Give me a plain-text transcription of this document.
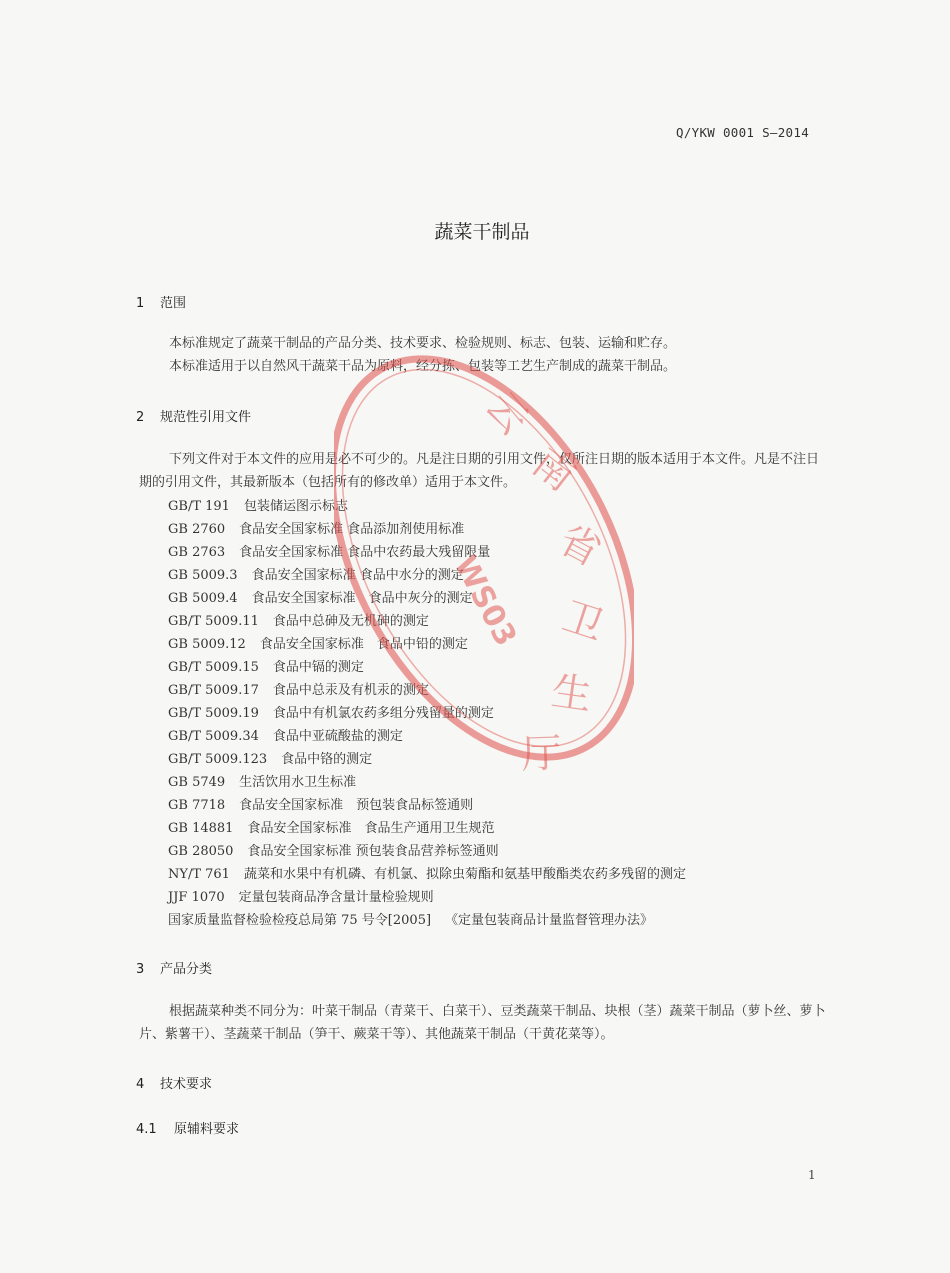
Q/YKW 0001 S—2014
蔬菜干制品
1 范围
本标准规定了蔬菜干制品的产品分类、技术要求、检验规则、标志、包装、运输和贮存。
本标准适用于以自然风干蔬菜干品为原料，经分拣、包装等工艺生产制成的蔬菜干制品。
2 规范性引用文件
下列文件对于本文件的应用是必不可少的。凡是注日期的引用文件，仅所注日期的版本适用于本文件。凡是不注日期的引用文件，其最新版本（包括所有的修改单）适用于本文件。
GB/T 191 包装储运图示标志
GB 2760 食品安全国家标准 食品添加剂使用标准
GB 2763 食品安全国家标准 食品中农药最大残留限量
GB 5009.3 食品安全国家标准 食品中水分的测定
GB 5009.4 食品安全国家标准　食品中灰分的测定
GB/T 5009.11 食品中总砷及无机砷的测定
GB 5009.12 食品安全国家标准　食品中铅的测定
GB/T 5009.15 食品中镉的测定
GB/T 5009.17 食品中总汞及有机汞的测定
GB/T 5009.19 食品中有机氯农药多组分残留量的测定
GB/T 5009.34 食品中亚硫酸盐的测定
GB/T 5009.123 食品中铬的测定
GB 5749 生活饮用水卫生标准
GB 7718 食品安全国家标准　预包装食品标签通则
GB 14881 食品安全国家标准　食品生产通用卫生规范
GB 28050 食品安全国家标准 预包装食品营养标签通则
NY/T 761 蔬菜和水果中有机磷、有机氯、拟除虫菊酯和氨基甲酸酯类农药多残留的测定
JJF 1070 定量包装商品净含量计量检验规则
国家质量监督检验检疫总局第 75 号令[2005] 《定量包装商品计量监督管理办法》
3 产品分类
根据蔬菜种类不同分为：叶菜干制品（青菜干、白菜干）、豆类蔬菜干制品、块根（茎）蔬菜干制品（萝卜丝、萝卜片、紫薯干）、茎蔬菜干制品（笋干、蕨菜干等）、其他蔬菜干制品（干黄花菜等）。
4 技术要求
4.1 原辅料要求
1
云
南
省
卫
生
厅
WS03
